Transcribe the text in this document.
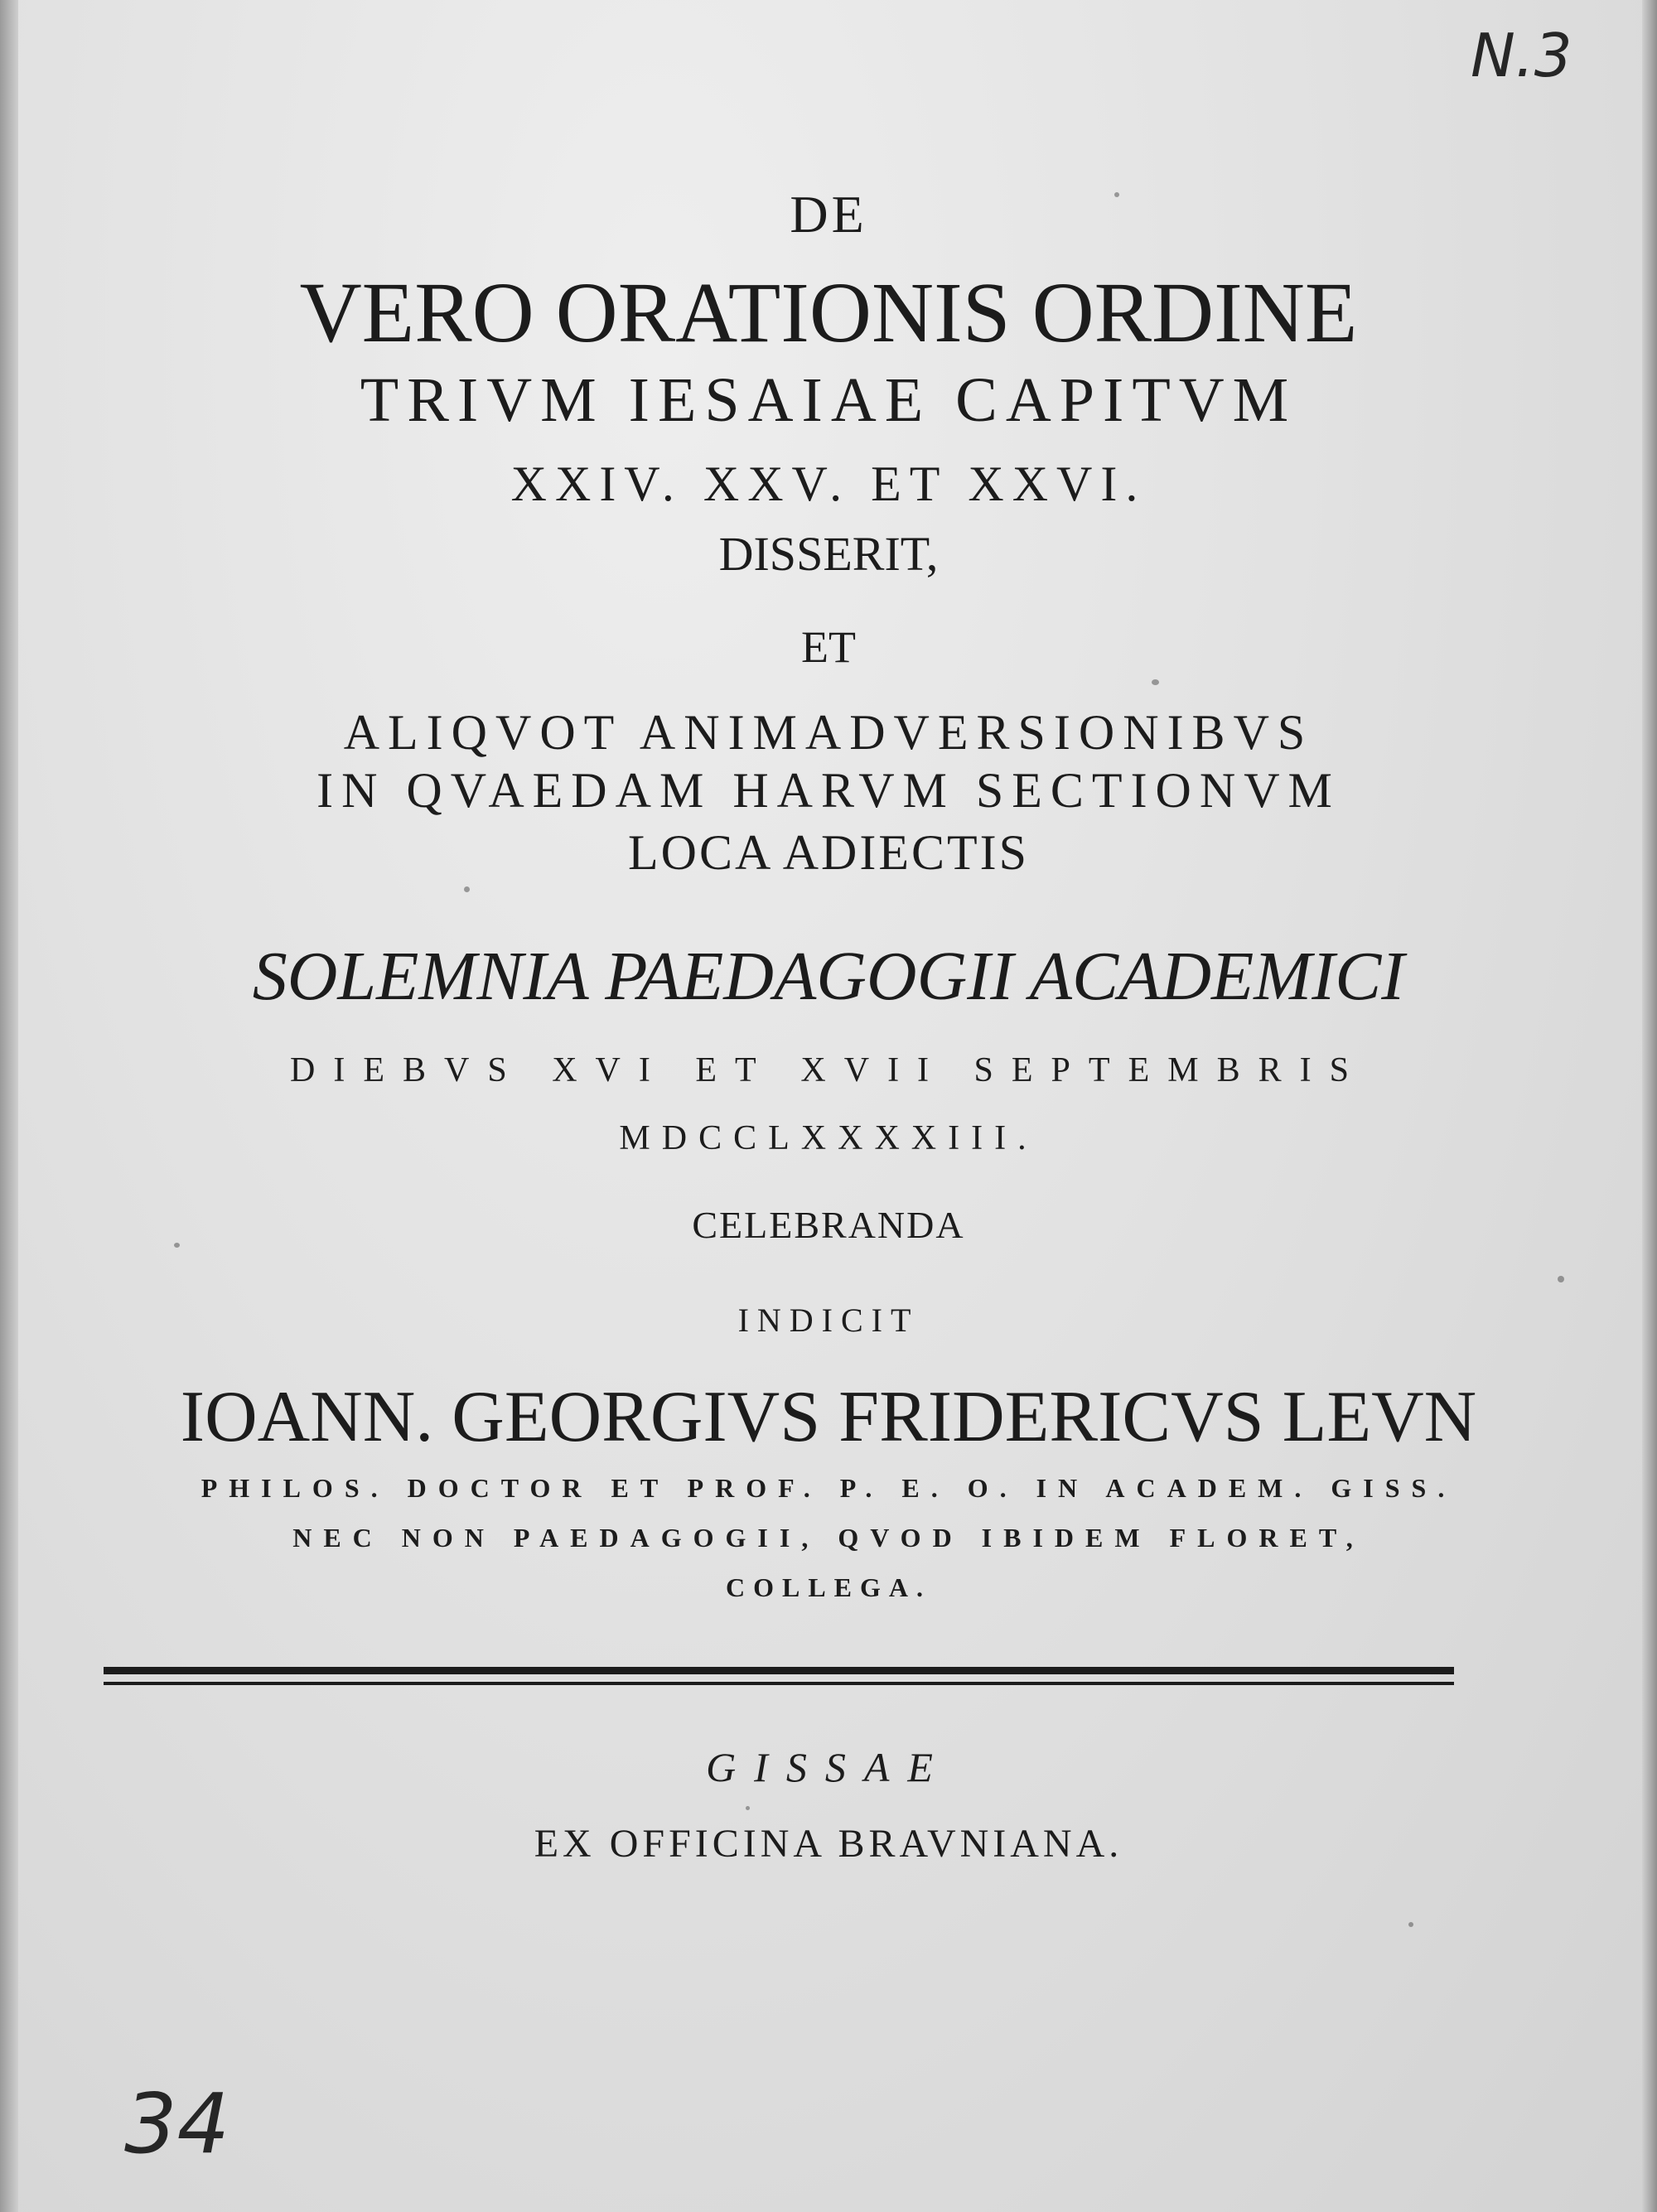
N.3
34

DE

VERO ORATIONIS ORDINE

TRIVM IESAIAE CAPITVM

XXIV. XXV. ET XXVI.

DISSERIT,

ET

ALIQVOT ANIMADVERSIONIBVS

IN QVAEDAM HARVM SECTIONVM

LOCA ADIECTIS

SOLEMNIA PAEDAGOGII ACADEMICI

DIEBVS XVI ET XVII SEPTEMBRIS

MDCCLXXXXIII.

CELEBRANDA

INDICIT

IOANN. GEORGIVS FRIDERICVS LEVN

PHILOS. DOCTOR ET PROF. P. E. O. IN ACADEM. GISS.

NEC NON PAEDAGOGII, QVOD IBIDEM FLORET,

COLLEGA.

GISSAE

EX OFFICINA BRAVNIANA.
